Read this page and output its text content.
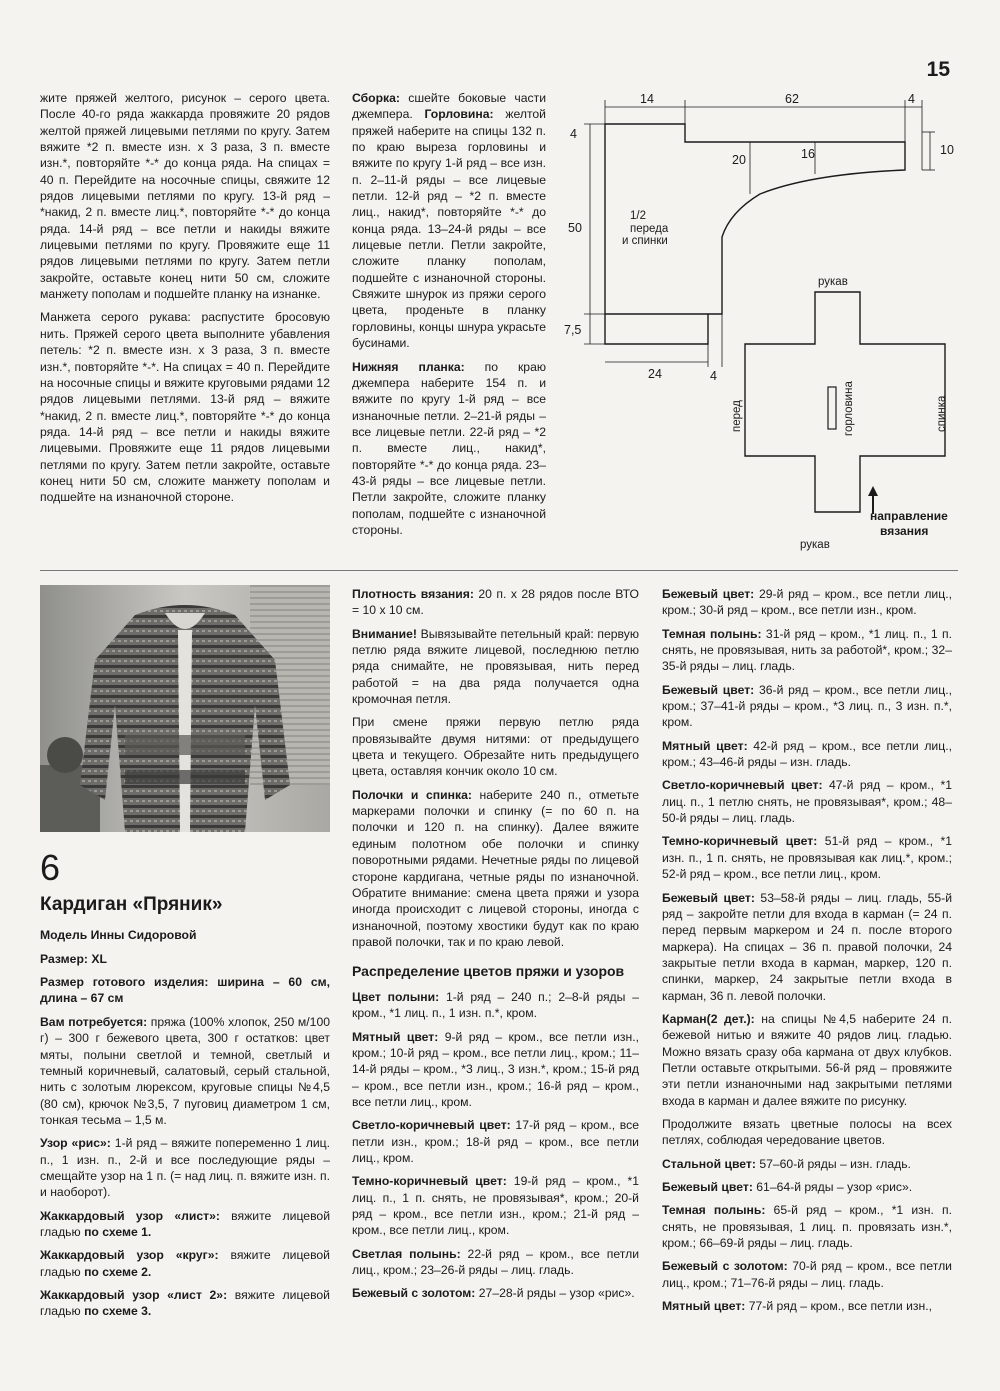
15

жите пряжей желтого, рисунок – серого цвета. После 40-го ряда жаккарда провяжите 20 рядов желтой пряжей лицевыми петлями по кругу. Затем вяжите *2 п. вместе изн. х 3 раза, 3 п. вместе изн.*, повторяйте *-* до конца ряда. На спицах = 40 п. Перейдите на носочные спицы, свяжите 12 рядов лицевыми петлями по кругу. 13-й ряд – *накид, 2 п. вместе лиц.*, повторяйте *-* до конца ряда. 14-й ряд – все петли и накиды вяжите лицевыми петлями по кругу. Провяжите еще 11 рядов лицевыми петлями по кругу. Затем петли закройте, оставьте конец нити 50 см, сложите манжету пополам и подшейте планку на изнанке.

Манжета серого рукава: распустите бросовую нить. Пряжей серого цвета выполните убавления петель: *2 п. вместе изн. х 3 раза, 3 п. вместе изн.*, повторяйте *-*. На спицах = 40 п. Перейдите на носочные спицы и вяжите круговыми рядами 12 рядов лицевыми петлями. 13-й ряд – вяжите *накид, 2 п. вместе лиц.*, повторяйте *-* до конца ряда. 14-й ряд – все петли и накиды вяжите лицевыми. Провяжите еще 11 рядов лицевыми петлями по кругу. Затем петли закройте, оставьте конец нити 50 см, сложите манжету пополам и подшейте на изнаночной стороне.

Сборка: сшейте боковые части джемпера. Горловина: желтой пряжей наберите на спицы 132 п. по краю выреза горловины и вяжите по кругу 1-й ряд – все изн. п. 2–11-й ряды – все лицевые петли. 12-й ряд – *2 п. вместе лиц., накид*, повторяйте *-* до конца ряда. 13–24-й ряды – все лицевые петли. Петли закройте, сложите планку пополам, подшейте с изнаночной стороны. Свяжите шнурок из пряжи серого цвета, проденьте в планку горловины, концы шнура украсьте бусинами.

Нижняя планка: по краю джемпера наберите 154 п. и вяжите по кругу 1-й ряд – все изнаночные петли. 2–21-й ряды – все лицевые петли. 22-й ряд – *2 п. вместе лиц., накид*, повторяйте *-* до конца ряда. 23–43-й ряды – все лицевые петли. Петли закройте, сложите планку пополам, подшейте с изнаночной стороны.

14	62	4
10
4
20	16
50
7,5
24	4
1/2
переда
и спинки
рукав
рукав
перед	спинка
горловина
направление
вязания
6
Кардиган «Пряник»

Модель Инны Сидоровой

Размер: XL

Размер готового изделия: ширина – 60 см, длина – 67 см

Вам потребуется: пряжа (100% хлопок, 250 м/100 г) – 300 г бежевого цвета, 300 г остатков: цвет мяты, полыни светлой и темной, светлый и темный коричневый, салатовый, серый стальной, нить с золотым люрексом, круговые спицы №4,5 (80 см), крючок №3,5, 7 пуговиц диаметром 1 см, тонкая тесьма – 1,5 м.

Узор «рис»: 1-й ряд – вяжите попеременно 1 лиц. п., 1 изн. п., 2-й и все последующие ряды – смещайте узор на 1 п. (= над лиц. п. вяжите изн. п. и наоборот).

Жаккардовый узор «лист»: вяжите лицевой гладью по схеме 1.

Жаккардовый узор «круг»: вяжите лицевой гладью по схеме 2.

Жаккардовый узор «лист 2»: вяжите лицевой гладью по схеме 3.

Плотность вязания: 20 п. х 28 рядов после ВТО = 10 х 10 см.

Внимание! Вывязывайте петельный край: первую петлю ряда вяжите лицевой, последнюю петлю ряда снимайте, не провязывая, нить перед работой = на два ряда получается одна кромочная петля.

При смене пряжи первую петлю ряда провязывайте двумя нитями: от предыдущего цвета и текущего. Обрезайте нить предыдущего цвета, оставляя кончик около 10 см.

Полочки и спинка: наберите 240 п., отметьте маркерами полочки и спинку (= по 60 п. на полочки и 120 п. на спинку). Далее вяжите единым полотном обе полочки и спинку поворотными рядами. Нечетные ряды по лицевой стороне кардигана, четные ряды по изнаночной. Обратите внимание: смена цвета пряжи и узора иногда происходит с лицевой стороны, иногда с изнаночной, поэтому хвостики будут как по краю правой полочки, так и по краю левой.

Распределение цветов пряжи и узоров

Цвет полыни: 1-й ряд – 240 п.; 2–8-й ряды – кром., *1 лиц. п., 1 изн. п.*, кром.

Мятный цвет: 9-й ряд – кром., все петли изн., кром.; 10-й ряд – кром., все петли лиц., кром.; 11–14-й ряды – кром., *3 лиц., 3 изн.*, кром.; 15-й ряд – кром., все петли изн., кром.; 16-й ряд – кром., все петли лиц., кром.

Светло-коричневый цвет: 17-й ряд – кром., все петли изн., кром.; 18-й ряд – кром., все петли лиц., кром.

Темно-коричневый цвет: 19-й ряд – кром., *1 лиц. п., 1 п. снять, не провязывая*, кром.; 20-й ряд – кром., все петли изн., кром.; 21-й ряд – кром., все петли лиц., кром.

Светлая полынь: 22-й ряд – кром., все петли лиц., кром.; 23–26-й ряды – лиц. гладь.

Бежевый с золотом: 27–28-й ряды – узор «рис».

Бежевый цвет: 29-й ряд – кром., все петли лиц., кром.; 30-й ряд – кром., все петли изн., кром.

Темная полынь: 31-й ряд – кром., *1 лиц. п., 1 п. снять, не провязывая, нить за работой*, кром.; 32–35-й ряды – лиц. гладь.

Бежевый цвет: 36-й ряд – кром., все петли лиц., кром.; 37–41-й ряды – кром., *3 лиц. п., 3 изн. п.*, кром.

Мятный цвет: 42-й ряд – кром., все петли лиц., кром.; 43–46-й ряды – изн. гладь.

Светло-коричневый цвет: 47-й ряд – кром., *1 лиц. п., 1 петлю снять, не провязывая*, кром.; 48–50-й ряды – лиц. гладь.

Темно-коричневый цвет: 51-й ряд – кром., *1 изн. п., 1 п. снять, не провязывая как лиц.*, кром.; 52-й ряд – кром., все петли лиц., кром.

Бежевый цвет: 53–58-й ряды – лиц. гладь, 55-й ряд – закройте петли для входа в карман (= 24 п. перед первым маркером и 24 п. после второго маркера). На спицах – 36 п. правой полочки, 24 закрытые петли входа в карман, маркер, 120 п. спинки, маркер, 24 закрытые петли входа в карман, 36 п. левой полочки.

Карман(2 дет.): на спицы №4,5 наберите 24 п. бежевой нитью и вяжите 40 рядов лиц. гладью. Можно вязать сразу оба кармана от двух клубков. Петли оставьте открытыми. 56-й ряд – провяжите эти петли изнаночными над закрытыми петлями входа в карман и далее вяжите по рисунку.

Продолжите вязать цветные полосы на всех петлях, соблюдая чередование цветов.

Стальной цвет: 57–60-й ряды – изн. гладь.

Бежевый цвет: 61–64-й ряды – узор «рис».

Темная полынь: 65-й ряд – кром., *1 изн. п. снять, не провязывая, 1 лиц. п. провязать изн.*, кром.; 66–69-й ряды – лиц. гладь.

Бежевый с золотом: 70-й ряд – кром., все петли лиц., кром.; 71–76-й ряды – лиц. гладь.

Мятный цвет: 77-й ряд – кром., все петли изн.,
